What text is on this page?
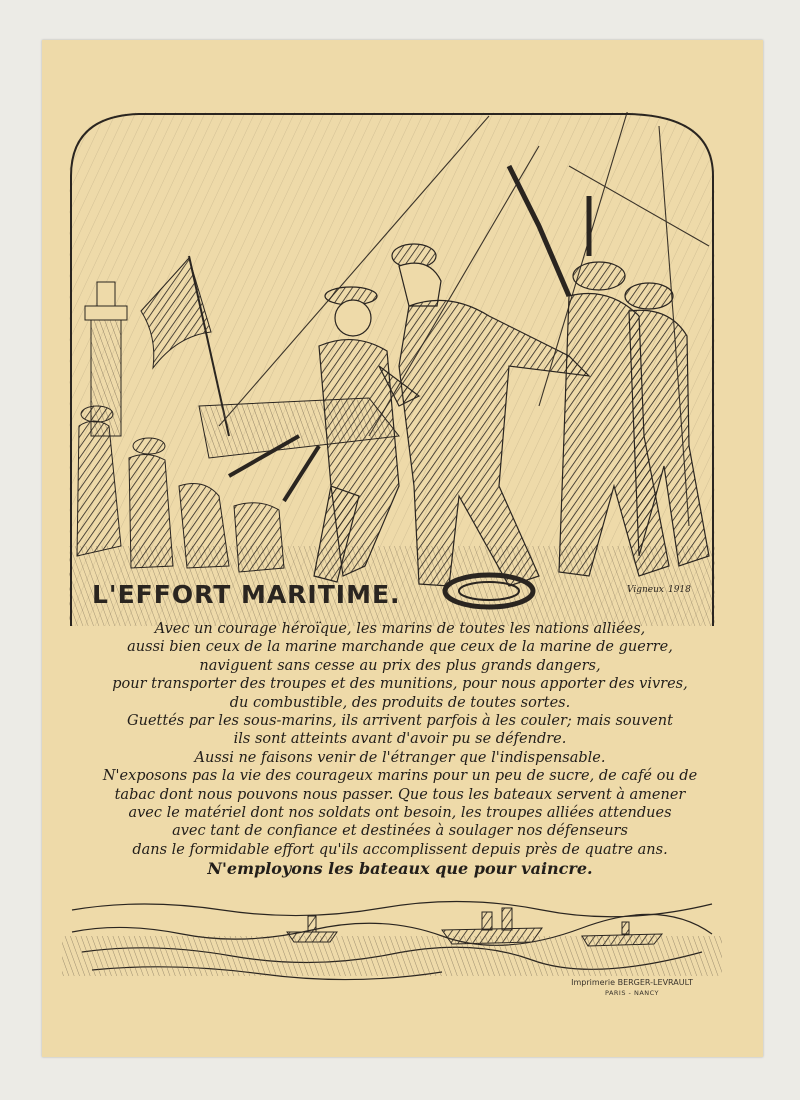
L'EFFORT MARITIME.	Vigneux 1918

Avec un courage héroïque, les marins de toutes les nations alliées,

aussi bien ceux de la marine marchande que ceux de la marine de guerre,

naviguent sans cesse au prix des plus grands dangers,

pour transporter des troupes et des munitions, pour nous apporter des vivres,

du combustible, des produits de toutes sortes.

Guettés par les sous-marins, ils arrivent parfois à les couler; mais souvent

ils sont atteints avant d'avoir pu se défendre.

Aussi ne faisons venir de l'étranger que l'indispensable.

N'exposons pas la vie des courageux marins pour un peu de sucre, de café ou de

tabac dont nous pouvons nous passer. Que tous les bateaux servent à amener

avec le matériel dont nos soldats ont besoin, les troupes alliées attendues

avec tant de confiance et destinées à soulager nos défenseurs

dans le formidable effort qu'ils accomplissent depuis près de quatre ans.

N'employons les bateaux que pour vaincre.

Imprimerie BERGER-LEVRAULT
PARIS - NANCY
